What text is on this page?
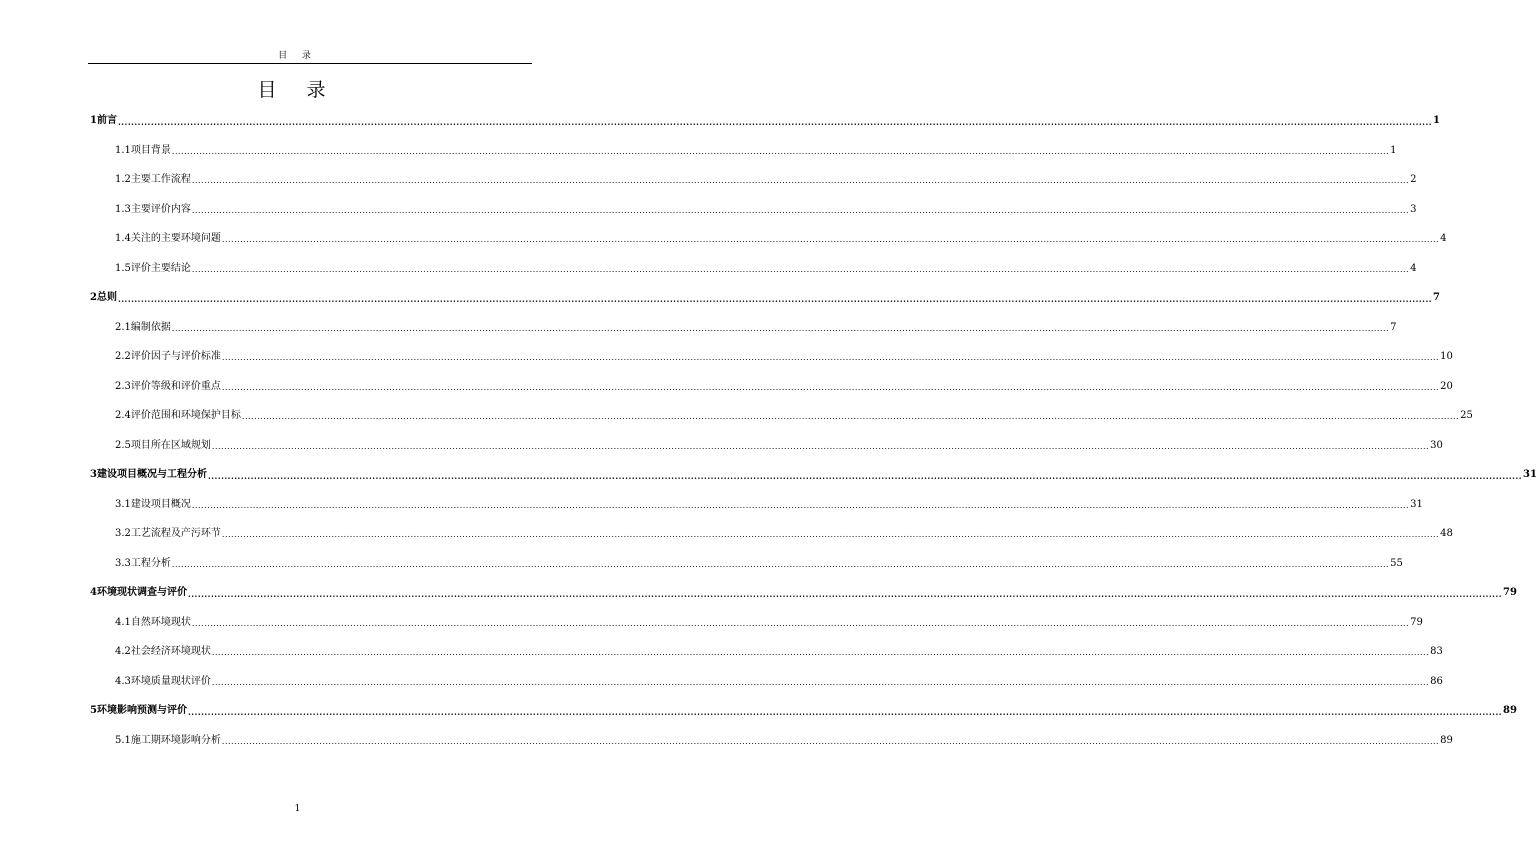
目 录
目 录
1 前言 ................................................................................................................................................................................................................................................................................................................................................................................................................ 1
1.1 项目背景 ................................................................................................................................................................................................................................................................................................................................................................................................................ 1
1.2 主要工作流程 ................................................................................................................................................................................................................................................................................................................................................................................................................ 2
1.3 主要评价内容 ................................................................................................................................................................................................................................................................................................................................................................................................................ 3
1.4 关注的主要环境问题 ................................................................................................................................................................................................................................................................................................................................................................................................................ 4
1.5 评价主要结论 ................................................................................................................................................................................................................................................................................................................................................................................................................ 4
2 总则 ................................................................................................................................................................................................................................................................................................................................................................................................................ 7
2.1 编制依据 ................................................................................................................................................................................................................................................................................................................................................................................................................ 7
2.2 评价因子与评价标准 ................................................................................................................................................................................................................................................................................................................................................................................................................ 10
2.3 评价等级和评价重点 ................................................................................................................................................................................................................................................................................................................................................................................................................ 20
2.4 评价范围和环境保护目标 ................................................................................................................................................................................................................................................................................................................................................................................................................ 25
2.5 项目所在区域规划 ................................................................................................................................................................................................................................................................................................................................................................................................................ 30
3 建设项目概况与工程分析 ................................................................................................................................................................................................................................................................................................................................................................................................................ 31
3.1 建设项目概况 ................................................................................................................................................................................................................................................................................................................................................................................................................ 31
3.2 工艺流程及产污环节 ................................................................................................................................................................................................................................................................................................................................................................................................................ 48
3.3 工程分析 ................................................................................................................................................................................................................................................................................................................................................................................................................ 55
4 环境现状调查与评价 ................................................................................................................................................................................................................................................................................................................................................................................................................ 79
4.1 自然环境现状 ................................................................................................................................................................................................................................................................................................................................................................................................................ 79
4.2 社会经济环境现状 ................................................................................................................................................................................................................................................................................................................................................................................................................ 83
4.3 环境质量现状评价 ................................................................................................................................................................................................................................................................................................................................................................................................................ 86
5 环境影响预测与评价 ................................................................................................................................................................................................................................................................................................................................................................................................................ 89
5.1 施工期环境影响分析 ................................................................................................................................................................................................................................................................................................................................................................................................................ 89
1
